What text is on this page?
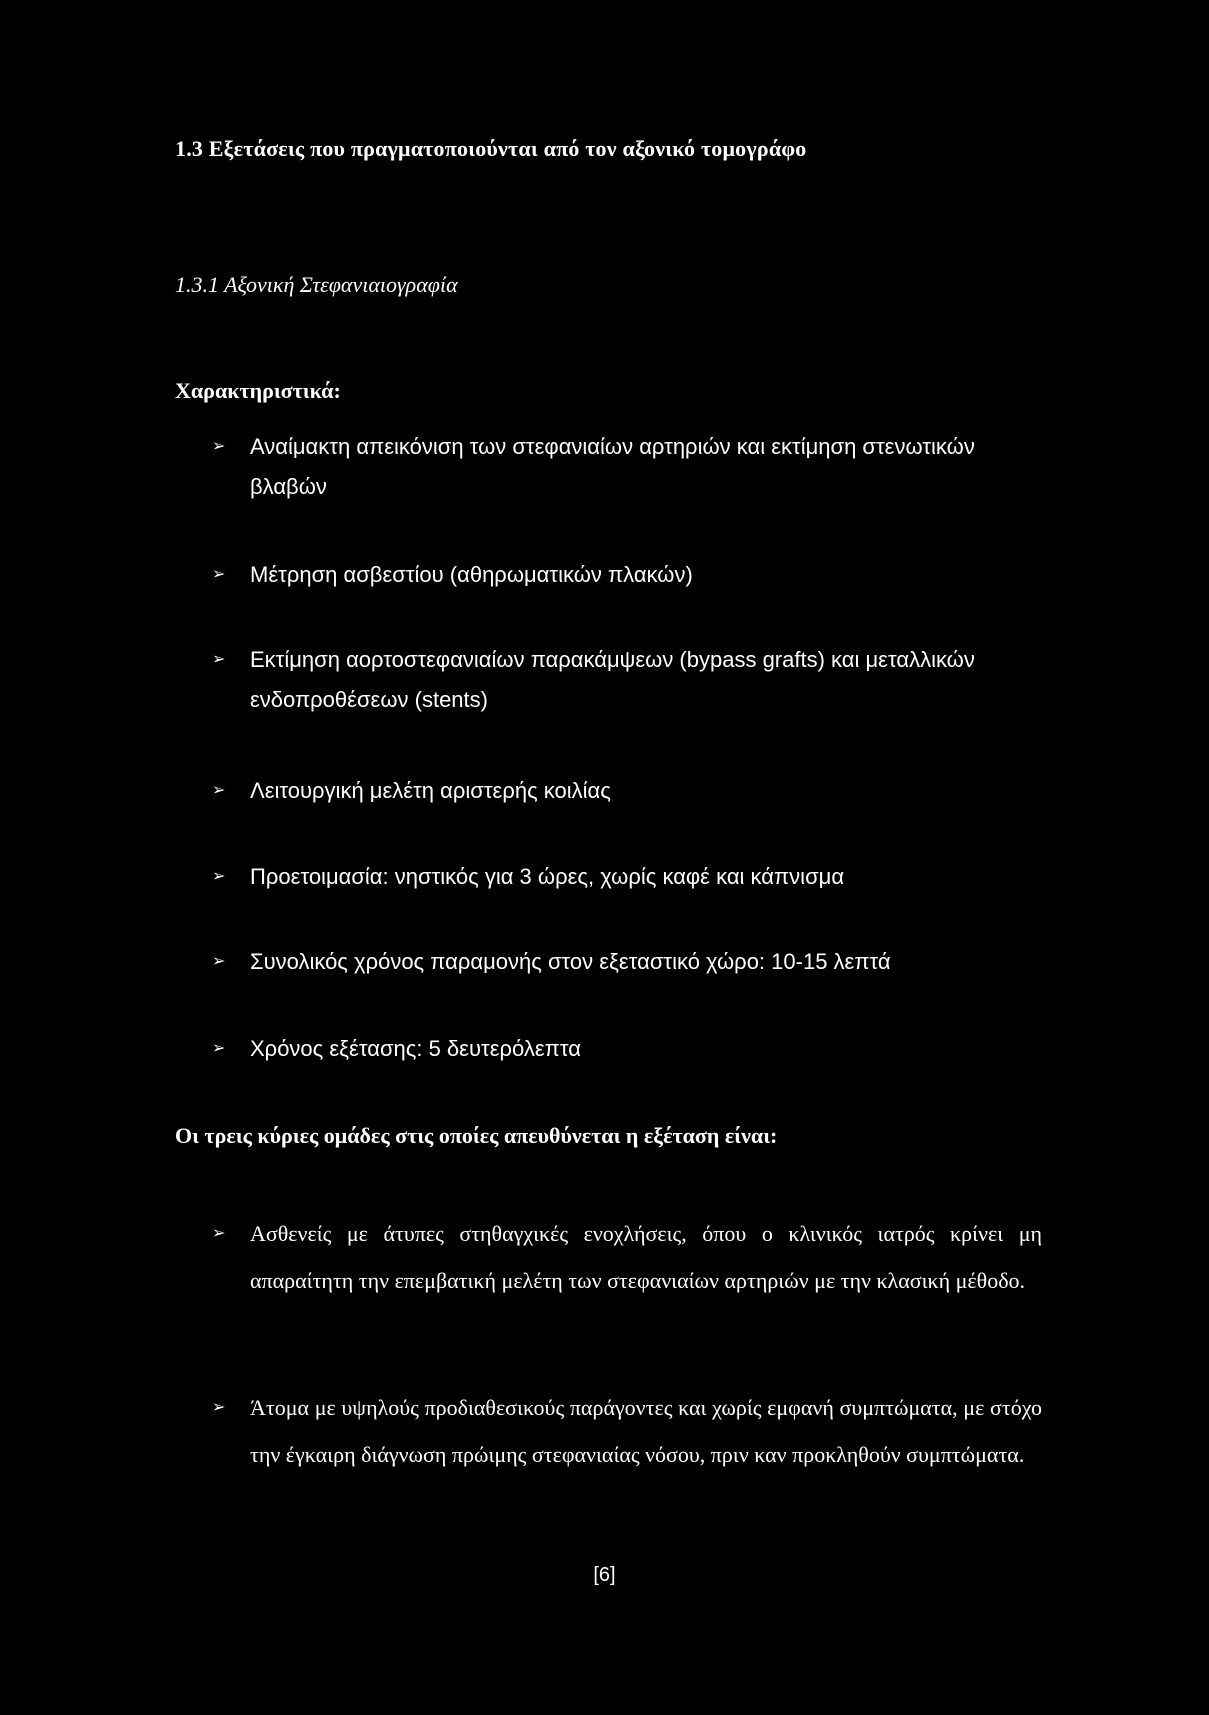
1.3 Εξετάσεις που πραγματοποιούνται από τον αξονικό τομογράφο
1.3.1 Αξονική Στεφανιαιογραφία
Χαρακτηριστικά:
➢ Αναίμακτη απεικόνιση των στεφανιαίων αρτηριών και εκτίμηση στενωτικών
βλαβών
➢ Μέτρηση ασβεστίου (αθηρωματικών πλακών)
➢ Εκτίμηση αορτοστεφανιαίων παρακάμψεων (bypass grafts) και μεταλλικών
ενδοπροθέσεων (stents)
➢ Λειτουργική μελέτη αριστερής κοιλίας
➢ Προετοιμασία: νηστικός για 3 ώρες, χωρίς καφέ και κάπνισμα
➢ Συνολικός χρόνος παραμονής στον εξεταστικό χώρο: 10-15 λεπτά
➢ Χρόνος εξέτασης: 5 δευτερόλεπτα
Οι τρεις κύριες ομάδες στις οποίες απευθύνεται η εξέταση είναι:
➢ Ασθενείς με άτυπες στηθαγχικές ενοχλήσεις, όπου ο κλινικός ιατρός κρίνει μη απαραίτητη την επεμβατική μελέτη των στεφανιαίων αρτηριών με την κλασική μέθοδο.
➢ Άτομα με υψηλούς προδιαθεσικούς παράγοντες και χωρίς εμφανή συμπτώματα, με στόχο την έγκαιρη διάγνωση πρώιμης στεφανιαίας νόσου, πριν καν προκληθούν συμπτώματα.
[6]
